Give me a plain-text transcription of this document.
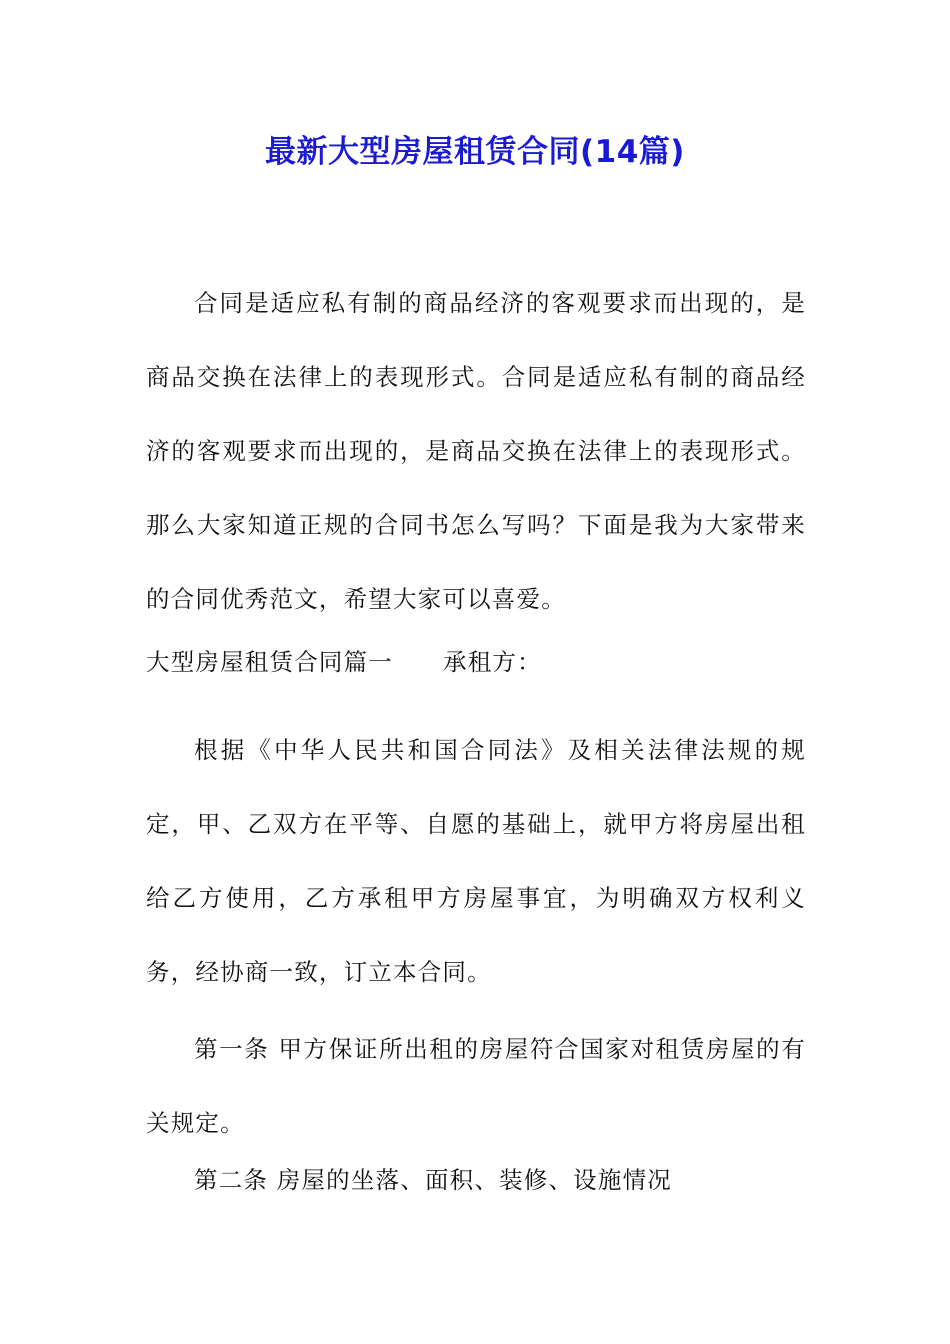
最新大型房屋租赁合同(14篇)

合同是适应私有制的商品经济的客观要求而出现的，是商品交换在法律上的表现形式。合同是适应私有制的商品经济的客观要求而出现的，是商品交换在法律上的表现形式。那么大家知道正规的合同书怎么写吗？下面是我为大家带来的合同优秀范文，希望大家可以喜爱。

大型房屋租赁合同篇一 承租方：

根据《中华人民共和国合同法》及相关法律法规的规定，甲、乙双方在平等、自愿的基础上，就甲方将房屋出租给乙方使用，乙方承租甲方房屋事宜，为明确双方权利义务，经协商一致，订立本合同。

第一条 甲方保证所出租的房屋符合国家对租赁房屋的有关规定。

第二条 房屋的坐落、面积、装修、设施情况
